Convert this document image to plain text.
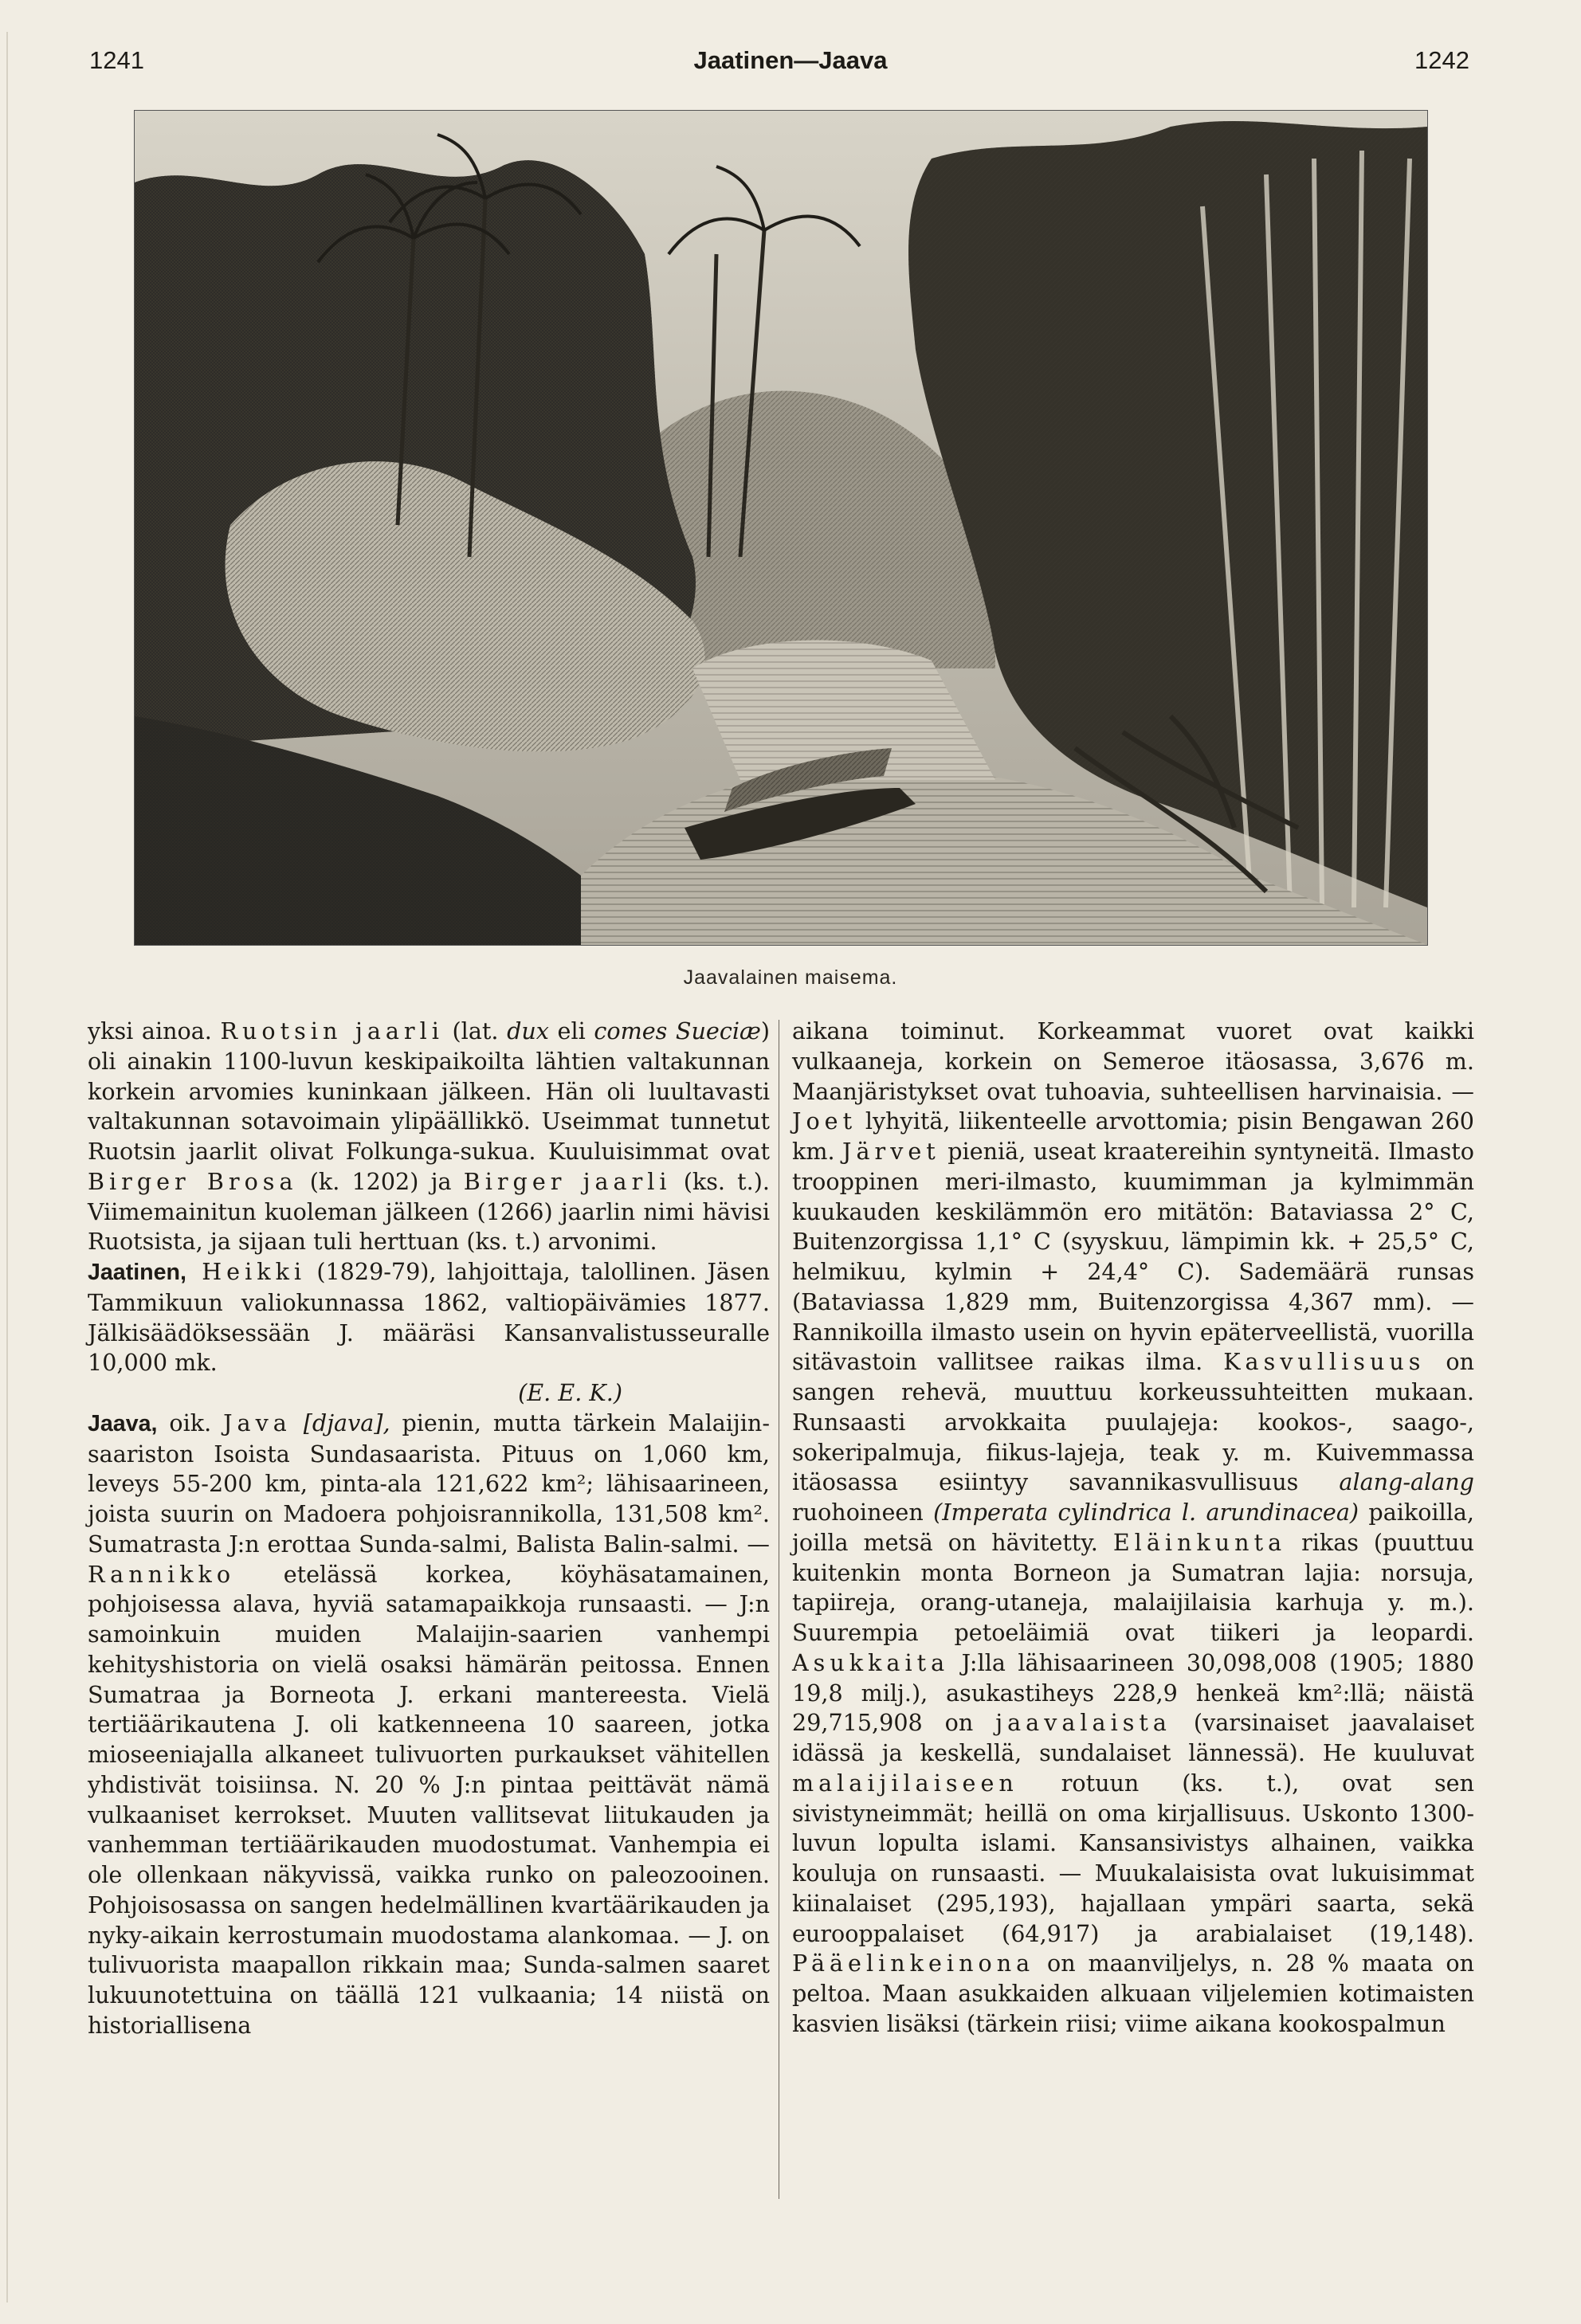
1241	Jaatinen—Jaava	1242
Jaavalainen maisema.

yksi ainoa. Ruotsin jaarli (lat. dux eli comes Sueciæ) oli ainakin 1100-luvun keskipaikoilta lähtien valtakunnan korkein arvomies kuninkaan jälkeen. Hän oli luultavasti valtakunnan sotavoimain ylipäällikkö. Useimmat tunnetut Ruotsin jaarlit olivat Folkunga-sukua. Kuuluisimmat ovat Birger Brosa (k. 1202) ja Birger jaarli (ks. t.). Viimemainitun kuoleman jälkeen (1266) jaarlin nimi hävisi Ruotsista, ja sijaan tuli herttuan (ks. t.) arvonimi.

Jaatinen, Heikki (1829-79), lahjoittaja, talollinen. Jäsen Tammikuun valiokunnassa 1862, valtiopäivämies 1877. Jälkisäädöksessään J. määräsi Kansanvalistusseuralle 10,000 mk.

(E. E. K.)

Jaava, oik. Java [djava], pienin, mutta tärkein Malaijin-saariston Isoista Sundasaarista. Pituus on 1,060 km, leveys 55-200 km, pinta-ala 121,622 km²; lähisaarineen, joista suurin on Madoera pohjoisrannikolla, 131,508 km². Sumatrasta J:n erottaa Sunda-salmi, Balista Balin-salmi. — Rannikko etelässä korkea, köyhäsatamainen, pohjoisessa alava, hyviä satamapaikkoja runsaasti. — J:n samoinkuin muiden Malaijin-saarien vanhempi kehityshistoria on vielä osaksi hämärän peitossa. Ennen Sumatraa ja Borneota J. erkani mantereesta. Vielä tertiäärikautena J. oli katkenneena 10 saareen, jotka mioseeniajalla alkaneet tulivuorten purkaukset vähitellen yhdistivät toisiinsa. N. 20 % J:n pintaa peittävät nämä vulkaaniset kerrokset. Muuten vallitsevat liitukauden ja vanhemman tertiäärikauden muodostumat. Vanhempia ei ole ollenkaan näkyvissä, vaikka runko on paleozooinen. Pohjoisosassa on sangen hedelmällinen kvartäärikauden ja nyky-aikain kerrostumain muodostama alankomaa. — J. on tulivuorista maapallon rikkain maa; Sunda-salmen saaret lukuunotettuina on täällä 121 vulkaania; 14 niistä on historiallisena

aikana toiminut. Korkeammat vuoret ovat kaikki vulkaaneja, korkein on Semeroe itäosassa, 3,676 m. Maanjäristykset ovat tuhoavia, suhteellisen harvinaisia. — Joet lyhyitä, liikenteelle arvottomia; pisin Bengawan 260 km. Järvet pieniä, useat kraatereihin syntyneitä. Ilmasto trooppinen meri-ilmasto, kuumimman ja kylmimmän kuukauden keskilämmön ero mitätön: Bataviassa 2° C, Buitenzorgissa 1,1° C (syyskuu, lämpimin kk. + 25,5° C, helmikuu, kylmin + 24,4° C). Sademäärä runsas (Bataviassa 1,829 mm, Buitenzorgissa 4,367 mm). — Rannikoilla ilmasto usein on hyvin epäterveellistä, vuorilla sitävastoin vallitsee raikas ilma. Kasvullisuus on sangen rehevä, muuttuu korkeussuhteitten mukaan. Runsaasti arvokkaita puulajeja: kookos-, saago-, sokeripalmuja, fiikus-lajeja, teak y. m. Kuivemmassa itäosassa esiintyy savannikasvullisuus alang-alang ruohoineen (Imperata cylindrica l. arundinacea) paikoilla, joilla metsä on hävitetty. Eläinkunta rikas (puuttuu kuitenkin monta Borneon ja Sumatran lajia: norsuja, tapiireja, orang-utaneja, malaijilaisia karhuja y. m.). Suurempia petoeläimiä ovat tiikeri ja leopardi. Asukkaita J:lla lähisaarineen 30,098,008 (1905; 1880 19,8 milj.), asukastiheys 228,9 henkeä km²:llä; näistä 29,715,908 on jaavalaista (varsinaiset jaavalaiset idässä ja keskellä, sundalaiset lännessä). He kuuluvat malaijilaiseen rotuun (ks. t.), ovat sen sivistyneimmät; heillä on oma kirjallisuus. Uskonto 1300-luvun lopulta islami. Kansansivistys alhainen, vaikka kouluja on runsaasti. — Muukalaisista ovat lukuisimmat kiinalaiset (295,193), hajallaan ympäri saarta, sekä eurooppalaiset (64,917) ja arabialaiset (19,148). Pääelinkeinona on maanviljelys, n. 28 % maata on peltoa. Maan asukkaiden alkuaan viljelemien kotimaisten kasvien lisäksi (tärkein riisi; viime aikana kookospalmun
